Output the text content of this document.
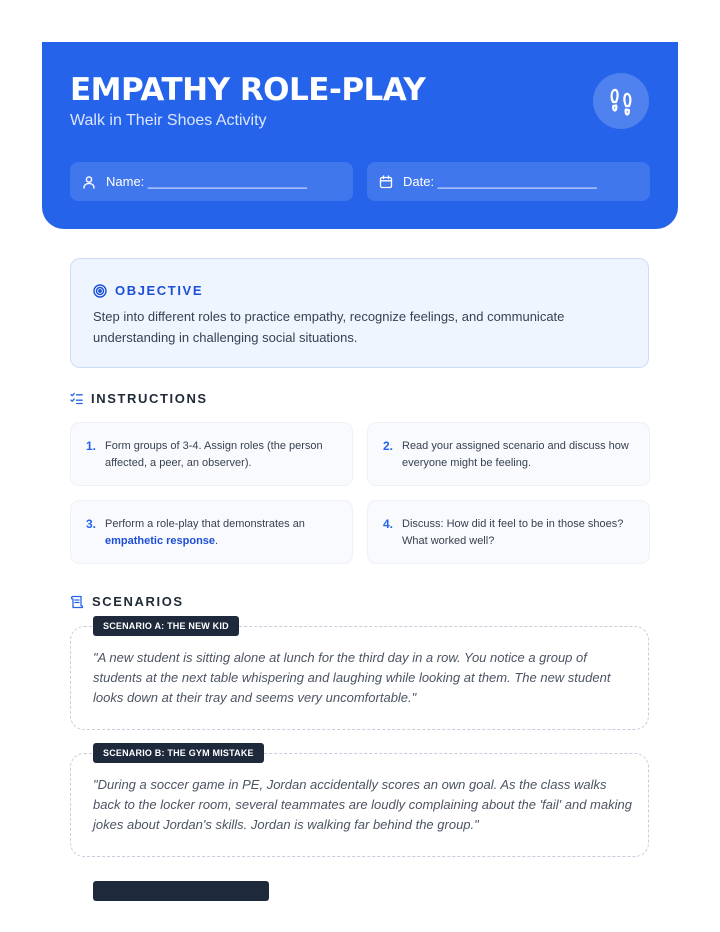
EMPATHY ROLE-PLAY
Walk in Their Shoes Activity
Name: ______________________	Date: ______________________
OBJECTIVE
Step into different roles to practice empathy, recognize feelings, and communicate understanding in challenging social situations.
INSTRUCTIONS
1. Form groups of 3-4. Assign roles (the person affected, a peer, an observer).
2. Read your assigned scenario and discuss how everyone might be feeling.
3. Perform a role-play that demonstrates an empathetic response.
4. Discuss: How did it feel to be in those shoes? What worked well?
SCENARIOS
"A new student is sitting alone at lunch for the third day in a row. You notice a group of students at the next table whispering and laughing while looking at them. The new student looks down at their tray and seems very uncomfortable."
SCENARIO A: THE NEW KID
"During a soccer game in PE, Jordan accidentally scores an own goal. As the class walks back to the locker room, several teammates are loudly complaining about the 'fail' and making jokes about Jordan's skills. Jordan is walking far behind the group."
SCENARIO B: THE GYM MISTAKE
